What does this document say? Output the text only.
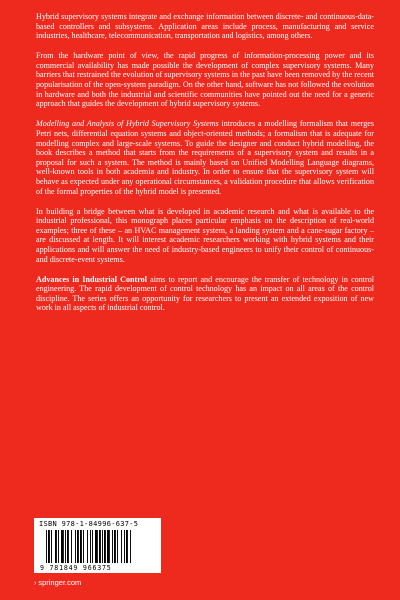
Hybrid supervisory systems integrate and exchange information between discrete- and continuous-data-based controllers and subsystems. Application areas include process, manufacturing and service industries, healthcare, telecommunication, transportation and logistics, among others.

From the hardware point of view, the rapid progress of information-processing power and its commercial availability has made possible the development of complex supervisory systems. Many barriers that restrained the evolution of supervisory systems in the past have been removed by the recent popularisation of the open-system paradigm. On the other hand, software has not followed the evolution in hardware and both the industrial and scientific communities have pointed out the need for a generic approach that guides the development of hybrid supervisory systems.

Modelling and Analysis of Hybrid Supervisory Systems introduces a modelling formalism that merges Petri nets, differential equation systems and object-oriented methods; a formalism that is adequate for modelling complex and large-scale systems. To guide the designer and conduct hybrid modelling, the book describes a method that starts from the requirements of a supervisory system and results in a proposal for such a system. The method is mainly based on Unified Modelling Language diagrams, well-known tools in both academia and industry. In order to ensure that the supervisory system will behave as expected under any operational circumstances, a validation procedure that allows verification of the formal properties of the hybrid model is presented.

In building a bridge between what is developed in academic research and what is available to the industrial professional, this monograph places particular emphasis on the description of real-world examples; three of these – an HVAC management system, a landing system and a cane-sugar factory – are discussed at length. It will interest academic researchers working with hybrid systems and their applications and will answer the need of industry-based engineers to unify their control of continuous- and discrete-event systems.

Advances in Industrial Control aims to report and encourage the transfer of technology in control engineering. The rapid development of control technology has an impact on all areas of the control discipline. The series offers an opportunity for researchers to present an extended exposition of new work in all aspects of industrial control.

ISBN 978-1-84996-637-5
9 781849 966375
› springer.com
